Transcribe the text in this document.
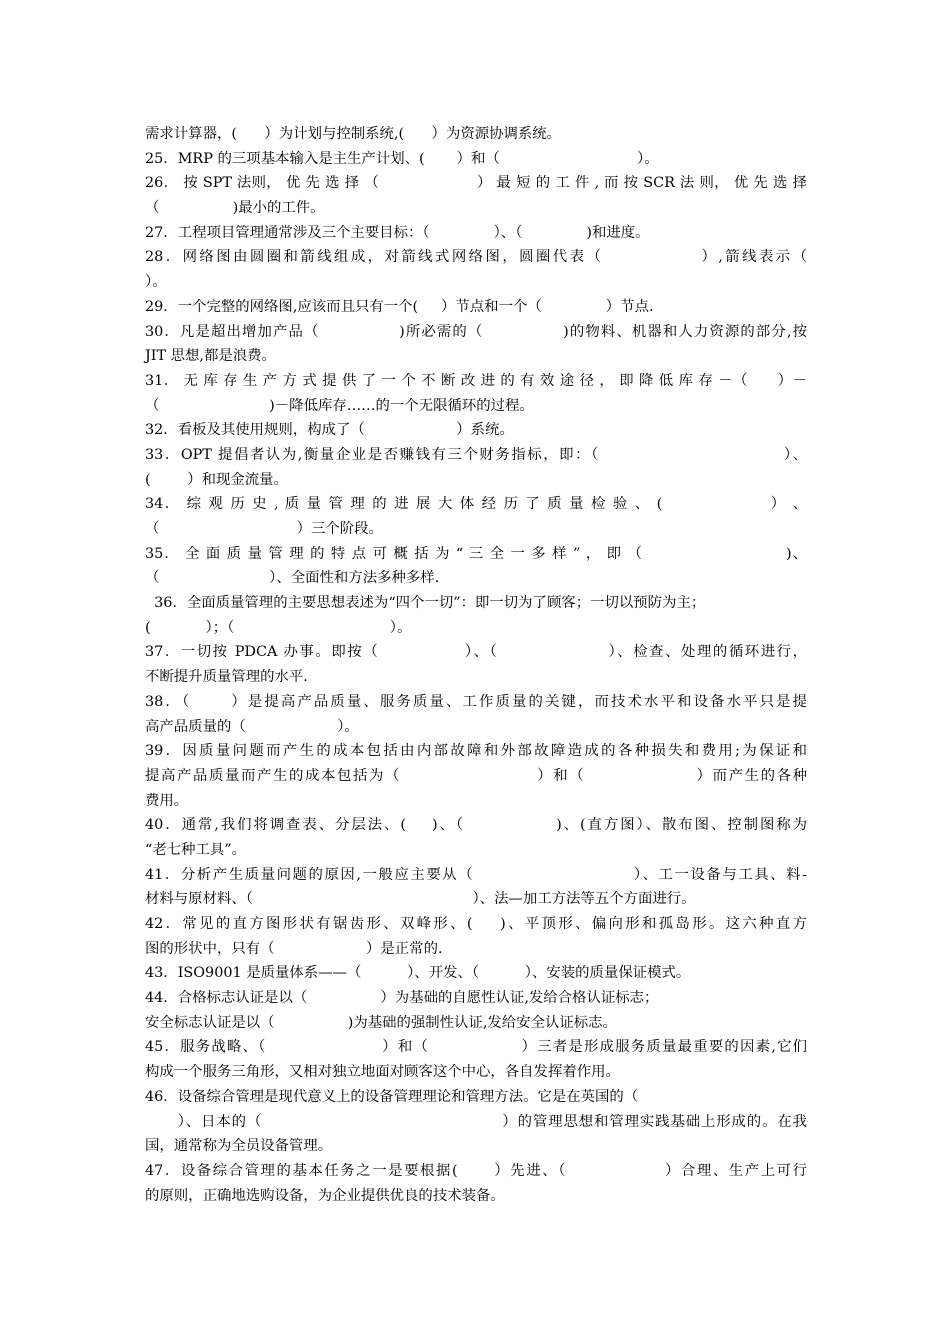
需求计算器，(      ）为计划与控制系统,(      ）为资源协调系统。
25．MRP 的三项基本输入是主生产计划、(       ）和（                              ）。
26． 按 SPT 法则， 优 先 选 择 （                    ） 最 短 的 工 件 , 而 按 SCR 法 则， 优 先 选 择
（                )最小的工件。
27．工程项目管理通常涉及三个主要目标：（              ）、（              )和进度。
28．网络图由圆圈和箭线组成，对箭线式网络图，圆圈代表（              ）,箭线表示（
）。
29．一个完整的网络图,应该而且只有一个(     ）节点和一个（              ）节点.
30．凡是超出增加产品（              )所必需的（              )的物料、机器和人力资源的部分,按
JIT 思想,都是浪费。
31． 无 库 存 生 产 方 式 提 供 了 一 个 不 断 改 进 的 有 效 途 径 ， 即 降 低 库 存 －（      ）－
（                        )－降低库存……的一个无限循环的过程。
32．看板及其使用规则，构成了（                    ）系统。
33．OPT 提倡者认为,衡量企业是否赚钱有三个财务指标，即：（                              ）、
(        ）和现金流量。
34． 综 观 历 史 , 质 量 管 理 的 进 展 大 体 经 历 了 质 量 检 验 、 (                  ） 、
（                              ）三个阶段。
35． 全 面 质 量 管 理 的 特 点 可 概 括 为 “ 三 全 一 多 样 ” ， 即 （                          )、
（                        ）、全面性和方法多种多样.
36．全面质量管理的主要思想表述为“四个一切”：即一切为了顾客；一切以预防为主；
(            ）；（                                  ）。
37．一切按 PDCA 办事。即按（              ）、（                  ）、检查、处理的循环进行，
不断提升质量管理的水平.
38．（      ）是提高产品质量、服务质量、工作质量的关键，而技术水平和设备水平只是提
高产品质量的（                    ）。
39．因质量问题而产生的成本包括由内部故障和外部故障造成的各种损失和费用;为保证和
提高产品质量而产生的成本包括为（                      ）和（                  ）而产生的各种
费用。
40．通常,我们将调查表、分层法、(    )、（              )、(直方图）、散布图、控制图称为
“老七种工具”。
41．分析产生质量问题的原因,一般应主要从（                          ）、工一设备与工具、料-
材料与原材料、（                                                ）、法—加工方法等五个方面进行。
42．常见的直方图形状有锯齿形、双峰形、(    )、平顶形、偏向形和孤岛形。这六种直方
图的形状中，只有（                    ）是正常的.
43．ISO9001 是质量体系——（          ）、开发、（          ）、安装的质量保证模式。
44．合格标志认证是以（                ）为基础的自愿性认证,发给合格认证标志；
安全标志认证是以（                )为基础的强制性认证,发给安全认证标志。
45．服务战略、（                    ）和（                ）三者是形成服务质量最重要的因素,它们
构成一个服务三角形，又相对独立地面对顾客这个中心，各自发挥着作用。
46．设备综合管理是现代意义上的设备管理理论和管理方法。它是在英国的（
）、日本的（                                            ）的管理思想和管理实践基础上形成的。在我
国，通常称为全员设备管理。
47．设备综合管理的基本任务之一是要根据(      ）先进、（                ）合理、生产上可行
的原则，正确地选购设备，为企业提供优良的技术装备。
